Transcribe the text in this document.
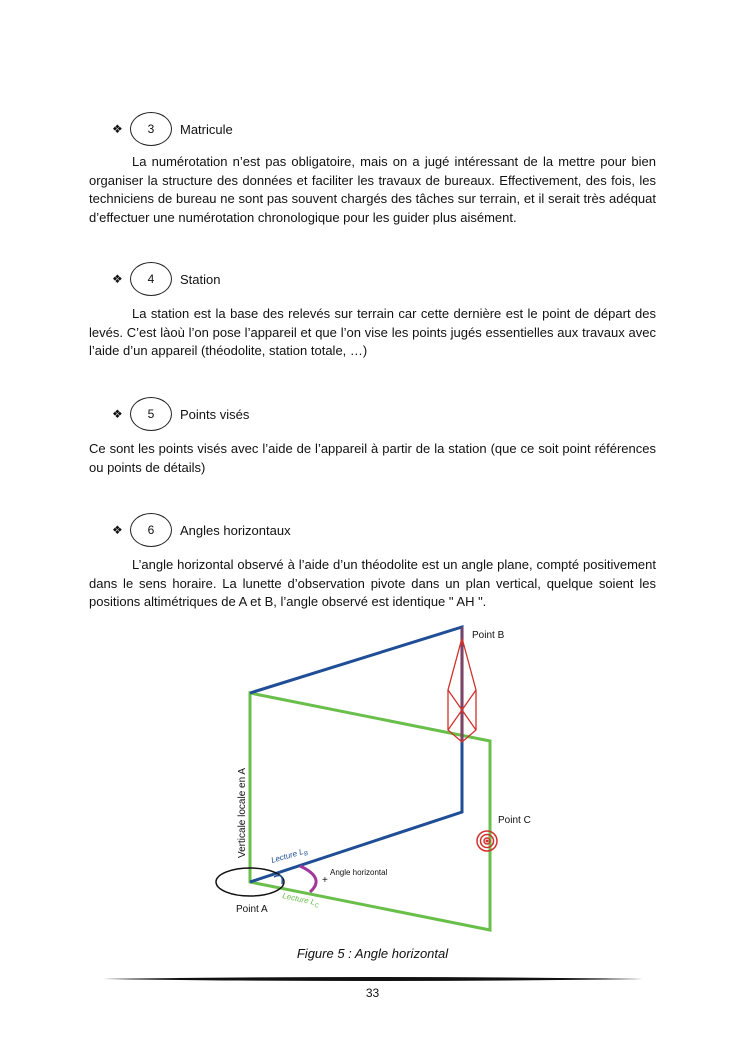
❖	3	Matricule
La numérotation n’est pas obligatoire, mais on a jugé intéressant de la mettre pour bien organiser la structure des données et faciliter les travaux de bureaux. Effectivement, des fois, les techniciens de bureau ne sont pas souvent chargés des tâches sur terrain, et il serait très adéquat d’effectuer une numérotation chronologique pour les guider plus aisément.
❖	4	Station
La station est la base des relevés sur terrain car cette dernière est le point de départ des levés. C’est làoù l’on pose l’appareil et que l’on vise les points jugés essentielles aux travaux avec l’aide d’un appareil (théodolite, station totale, …)
❖	5	Points visés
Ce sont les points visés avec l’aide de l’appareil à partir de la station (que ce soit point références ou points de détails)
❖	6	Angles horizontaux
L’angle horizontal observé à l’aide d’un théodolite est un angle plane, compté positivement dans le sens horaire. La lunette d’observation pivote dans un plan vertical, quelque soient les positions altimétriques de A et B, l’angle observé est identique " AH ".
Point B
Point C
Point A
Verticale locale en A
+
Angle horizontal
Lecture $L_B$
Lecture $L_C$
Figure 5 : Angle horizontal
33
